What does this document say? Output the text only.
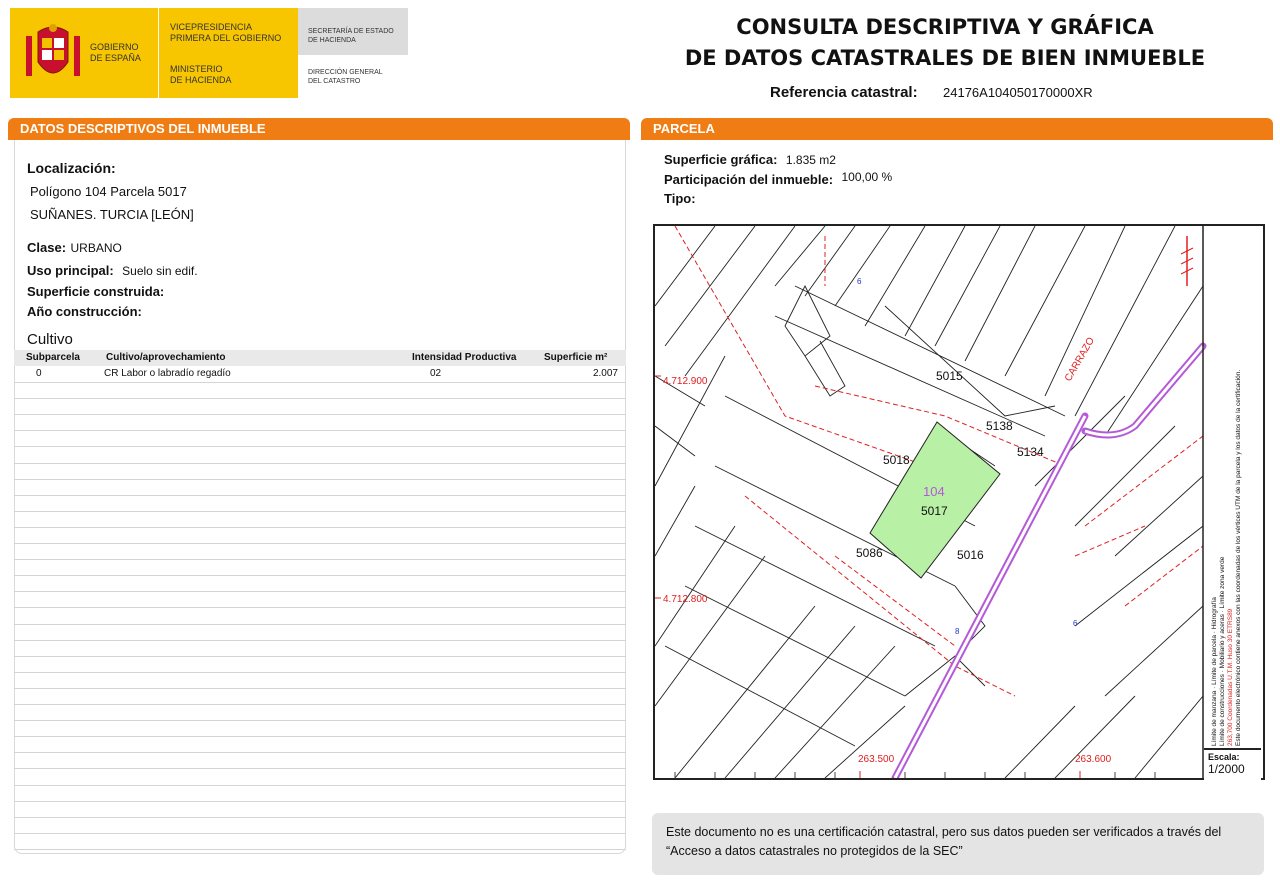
GOBIERNO
DE ESPAÑA
VICEPRESIDENCIA
PRIMERA DEL GOBIERNO
MINISTERIO
DE HACIENDA
SECRETARÍA DE ESTADO
DE HACIENDA
DIRECCIÓN GENERAL
DEL CATASTRO
CONSULTA DESCRIPTIVA Y GRÁFICA
DE DATOS CATASTRALES DE BIEN INMUEBLE
Referencia catastral: 24176A104050170000XR
DATOS DESCRIPTIVOS DEL INMUEBLE
Localización:
Polígono 104 Parcela 5017
SUÑANES. TURCIA [LEÓN]
Clase: URBANO
Uso principal: Suelo sin edif.
Superficie construida:
Año construcción:
Cultivo
Subparcela	Cultivo/aprovechamiento	Intensidad Productiva	Superficie m²
0	CR Labor o labradío regadío	02	2.007
PARCELA
Superficie gráfica: 1.835 m2
Participación del inmueble: 100,00 %
Tipo:
6
8
6
5015
5138
5134
5018
5017
5016
5086
104
CARRAZO
4.712.900
4.712.800
263.500	263.600
Límite de manzana · Límite de parcela · Hidrografía
Límite de construcciones · Mobiliario y aceras · Límite zona verde
263,700 Coordenadas U.T.M. Huso 30 ETRS89 Este documento electrónico contiene anexos con las coordenadas de los vértices UTM de la parcela y los datos de la certificación.
Escala:
1/2000
Este documento no es una certificación catastral, pero sus datos pueden ser verificados a través del “Acceso a datos catastrales no protegidos de la SEC”
